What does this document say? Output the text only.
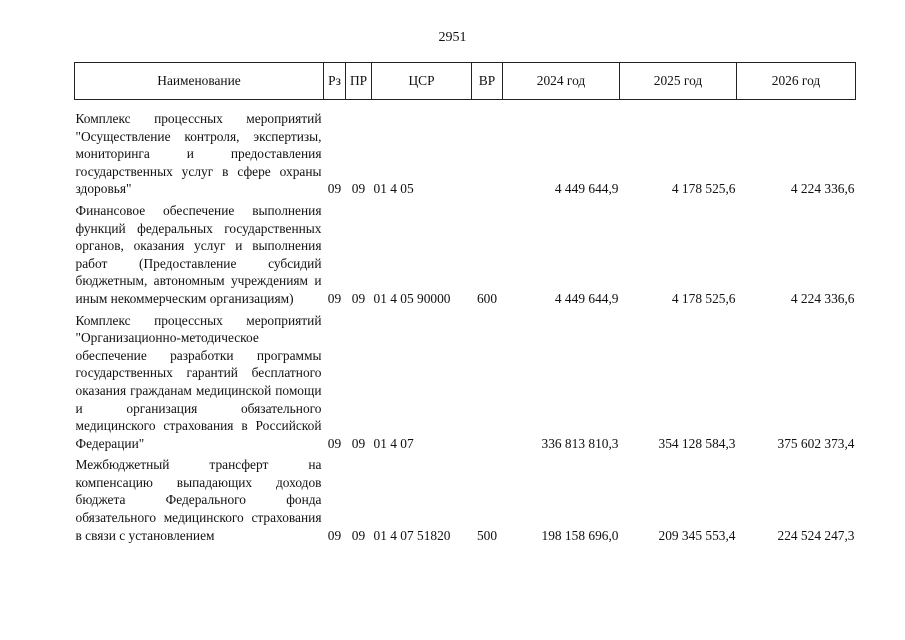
2951
Наименование	Рз	ПР	ЦСР	ВР	2024 год	2025 год	2026 год
Комплекс процессных мероприятий "Осуществление контроля, экспертизы, мониторинга и предоставления государственных услуг в сфере охраны здоровья"	09	09	01 4 05		4 449 644,9	4 178 525,6	4 224 336,6
Финансовое обеспечение выполнения функций федеральных государственных органов, оказания услуг и выполнения работ (Предоставление субсидий бюджетным, автономным учреждениям и иным некоммерческим организациям)	09	09	01 4 05 90000	600	4 449 644,9	4 178 525,6	4 224 336,6
Комплекс процессных мероприятий "Организационно-методическое обеспечение разработки программы государственных гарантий бесплатного оказания гражданам медицинской помощи и организация обязательного медицинского страхования в Российской Федерации"	09	09	01 4 07		336 813 810,3	354 128 584,3	375 602 373,4
Межбюджетный трансферт на компенсацию выпадающих доходов бюджета Федерального фонда обязательного медицинского страхования в связи с установлением	09	09	01 4 07 51820	500	198 158 696,0	209 345 553,4	224 524 247,3
